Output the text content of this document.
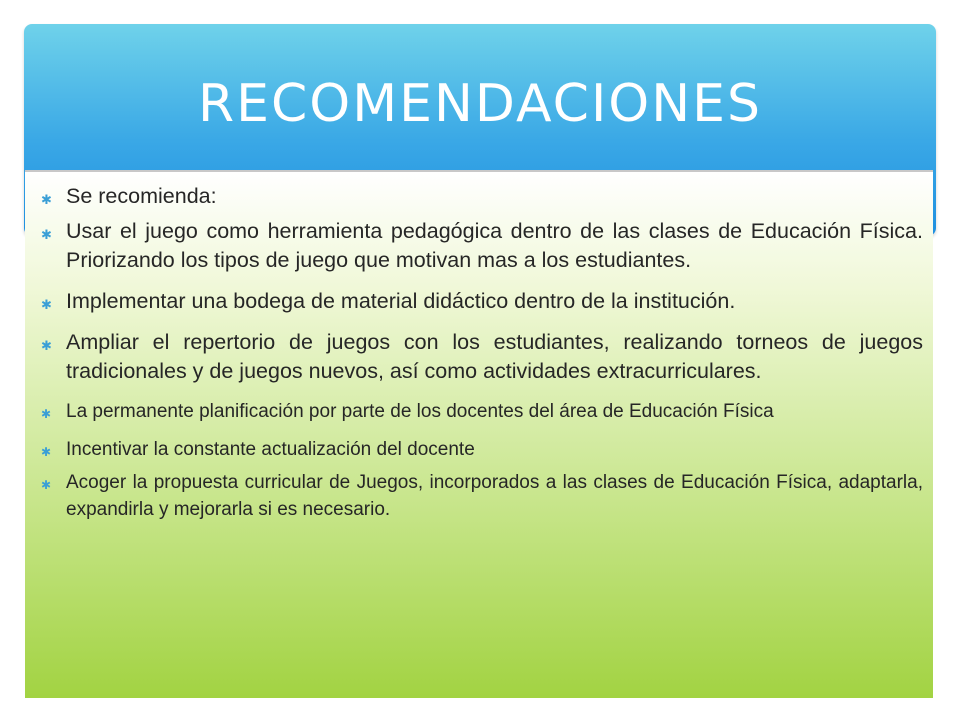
RECOMENDACIONES
✱ Se recomienda:
✱ Usar el juego como herramienta pedagógica dentro de las clases de Educación Física. Priorizando los tipos de juego que motivan mas a los estudiantes.
✱ Implementar una bodega de material didáctico dentro de la institución.
✱ Ampliar el repertorio de juegos con los estudiantes, realizando torneos de juegos tradicionales y de juegos nuevos, así como actividades extracurriculares.
✱ La permanente planificación por parte de los docentes del área de Educación Física
✱ Incentivar la constante actualización del docente
✱ Acoger la propuesta curricular de Juegos, incorporados a las clases de Educación Física, adaptarla, expandirla y mejorarla si es necesario.
